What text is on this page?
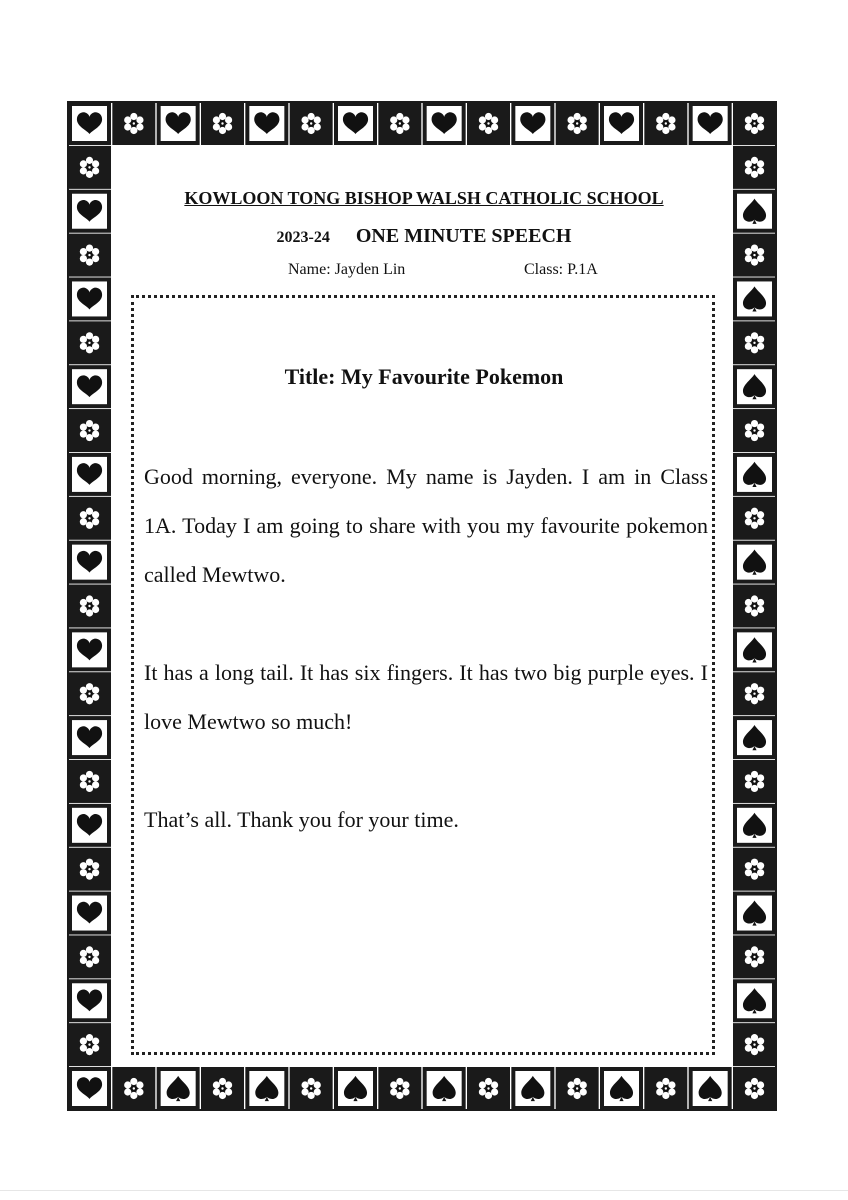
KOWLOON TONG BISHOP WALSH CATHOLIC SCHOOL
2023-24 ONE MINUTE SPEECH
Name: Jayden Lin	Class: P.1A
Title: My Favourite Pokemon
Good morning, everyone. My name is Jayden. I am in Class 1A. Today I am going to share with you my favourite pokemon called Mewtwo.
It has a long tail. It has six fingers. It has two big purple eyes. I love Mewtwo so much!
That’s all. Thank you for your time.
